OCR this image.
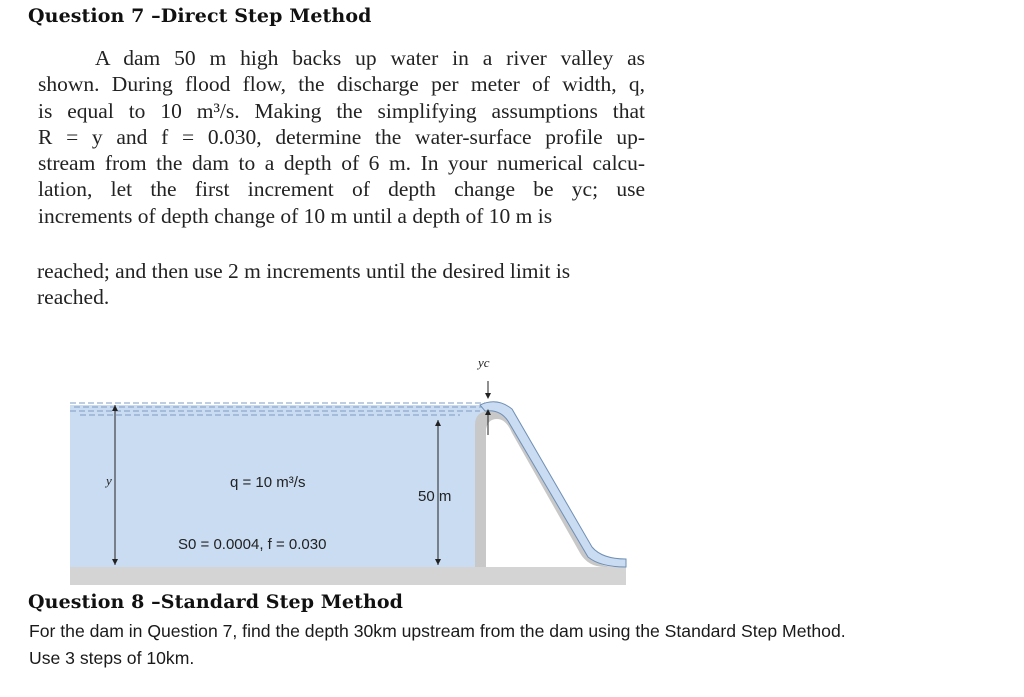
Question 7 –Direct Step Method
A dam 50 m high backs up water in a river valley as
shown. During flood flow, the discharge per meter of width, q,
is equal to 10 m³/s. Making the simplifying assumptions that
R = y and f = 0.030, determine the water-surface profile up-
stream from the dam to a depth of 6 m. In your numerical calcu-
lation, let the first increment of depth change be yc; use
increments of depth change of 10 m until a depth of 10 m is
reached; and then use 2 m increments until the desired limit is
reached.
yc
y
50 m
q = 10 m³/s
S0 = 0.0004, f = 0.030
Question 8 –Standard Step Method
For the dam in Question 7, find the depth 30km upstream from the dam using the Standard Step Method.
Use 3 steps of 10km.
